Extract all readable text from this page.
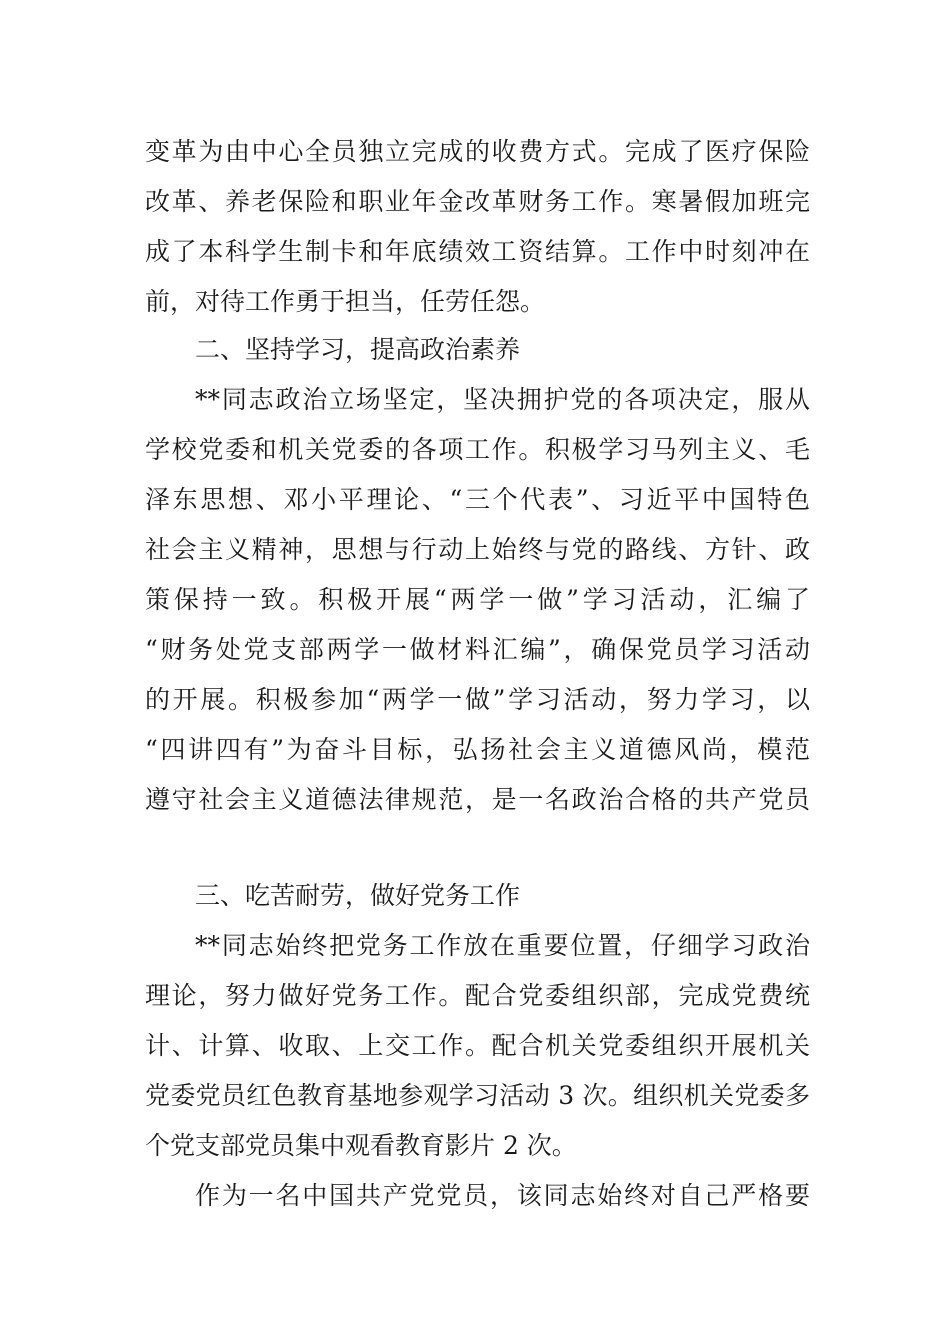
变革为由中心全员独立完成的收费方式。完成了医疗保险
改革、养老保险和职业年金改革财务工作。寒暑假加班完
成了本科学生制卡和年底绩效工资结算。工作中时刻冲在
前，对待工作勇于担当，任劳任怨。
二、坚持学习，提高政治素养
**同志政治立场坚定，坚决拥护党的各项决定，服从
学校党委和机关党委的各项工作。积极学习马列主义、毛
泽东思想、邓小平理论、“三个代表”、习近平中国特色
社会主义精神，思想与行动上始终与党的路线、方针、政
策保持一致。积极开展“两学一做”学习活动，汇编了
“财务处党支部两学一做材料汇编”，确保党员学习活动
的开展。积极参加“两学一做”学习活动，努力学习，以
“四讲四有”为奋斗目标，弘扬社会主义道德风尚，模范
遵守社会主义道德法律规范，是一名政治合格的共产党员
三、吃苦耐劳，做好党务工作
**同志始终把党务工作放在重要位置，仔细学习政治
理论，努力做好党务工作。配合党委组织部，完成党费统
计、计算、收取、上交工作。配合机关党委组织开展机关
党委党员红色教育基地参观学习活动 3 次。组织机关党委多
个党支部党员集中观看教育影片 2 次。
作为一名中国共产党党员，该同志始终对自己严格要
